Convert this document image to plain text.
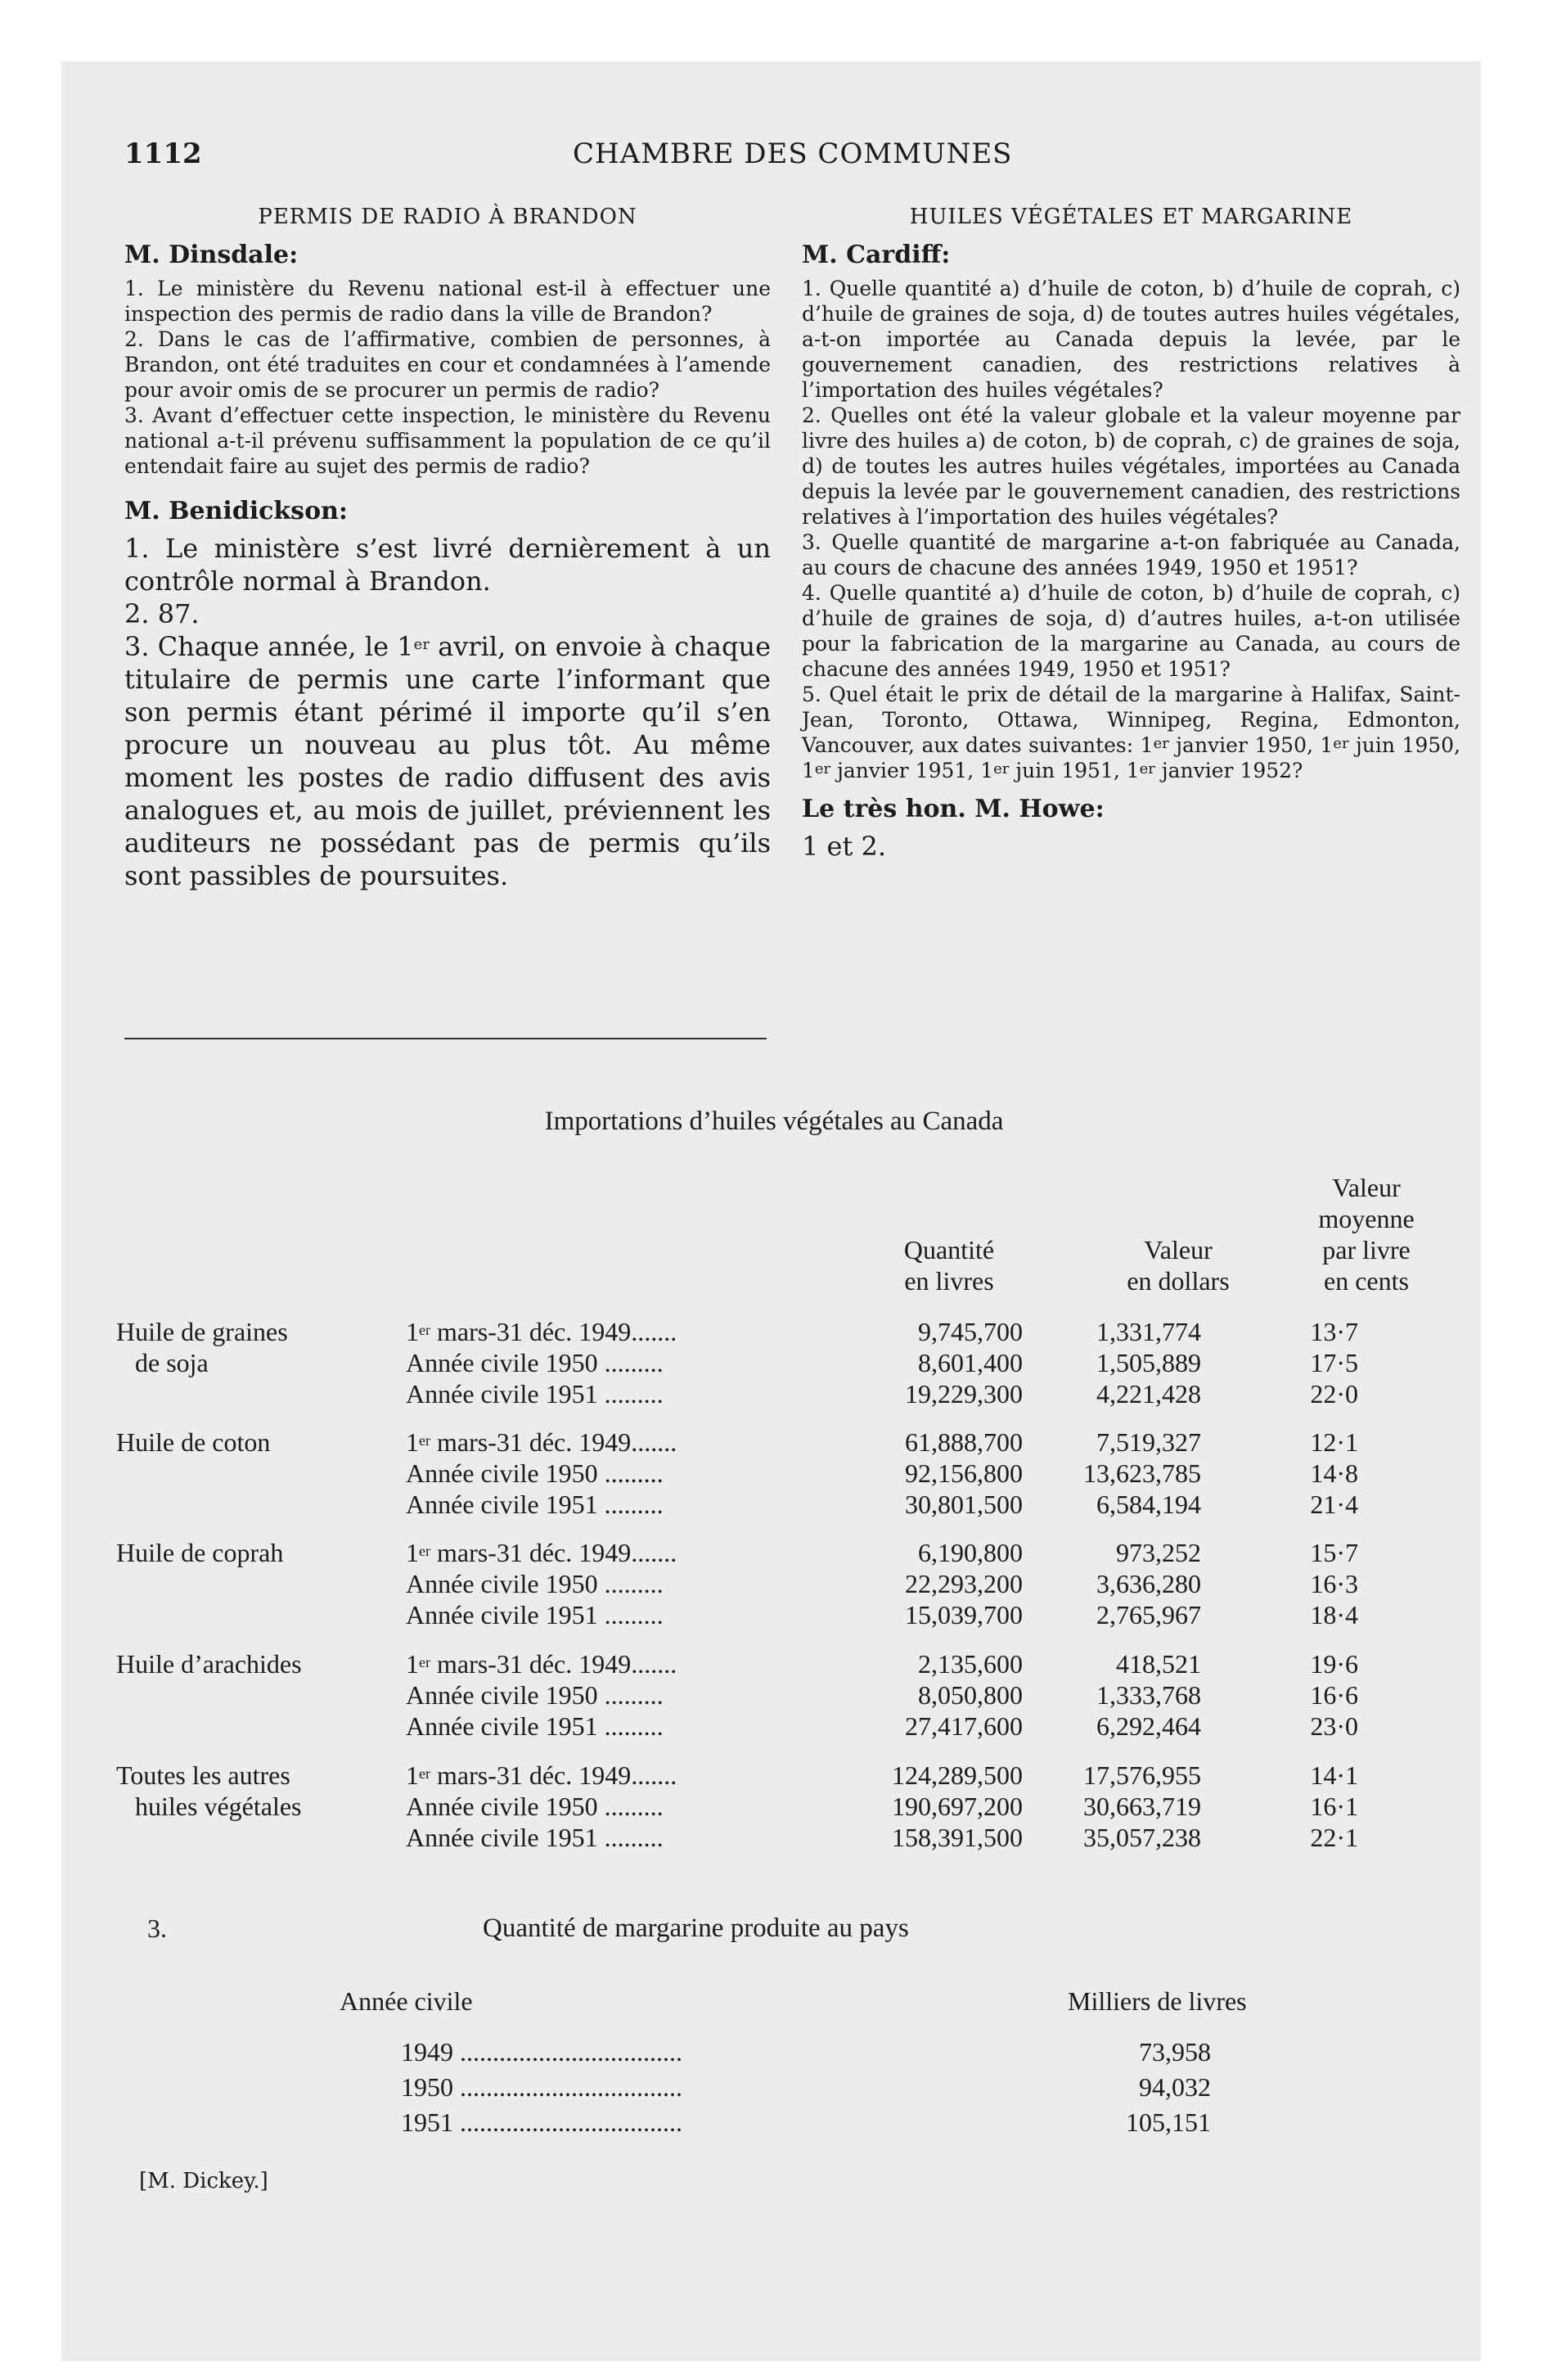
1112	CHAMBRE DES COMMUNES
PERMIS DE RADIO À BRANDON
M. Dinsdale:

1. Le ministère du Revenu national est-il à effectuer une inspection des permis de radio dans la ville de Brandon?

2. Dans le cas de l’affirmative, combien de personnes, à Brandon, ont été traduites en cour et condamnées à l’amende pour avoir omis de se procurer un permis de radio?

3. Avant d’effectuer cette inspection, le ministère du Revenu national a-t-il prévenu suffisamment la population de ce qu’il entendait faire au sujet des permis de radio?

M. Benidickson:

1. Le ministère s’est livré dernièrement à un contrôle normal à Brandon.

2. 87.

3. Chaque année, le 1er avril, on envoie à chaque titulaire de permis une carte l’informant que son permis étant périmé il importe qu’il s’en procure un nouveau au plus tôt. Au même moment les postes de radio diffusent des avis analogues et, au mois de juillet, préviennent les auditeurs ne possédant pas de permis qu’ils sont passibles de poursuites.

HUILES VÉGÉTALES ET MARGARINE
M. Cardiff:

1. Quelle quantité a) d’huile de coton, b) d’huile de coprah, c) d’huile de graines de soja, d) de toutes autres huiles végétales, a-t-on importée au Canada depuis la levée, par le gouvernement canadien, des restrictions relatives à l’importation des huiles végétales?

2. Quelles ont été la valeur globale et la valeur moyenne par livre des huiles a) de coton, b) de coprah, c) de graines de soja, d) de toutes les autres huiles végétales, importées au Canada depuis la levée par le gouvernement canadien, des restrictions relatives à l’importation des huiles végétales?

3. Quelle quantité de margarine a-t-on fabriquée au Canada, au cours de chacune des années 1949, 1950 et 1951?

4. Quelle quantité a) d’huile de coton, b) d’huile de coprah, c) d’huile de graines de soja, d) d’autres huiles, a-t-on utilisée pour la fabrication de la margarine au Canada, au cours de chacune des années 1949, 1950 et 1951?

5. Quel était le prix de détail de la margarine à Halifax, Saint-Jean, Toronto, Ottawa, Winnipeg, Regina, Edmonton, Vancouver, aux dates suivantes: 1er janvier 1950, 1er juin 1950, 1er janvier 1951, 1er juin 1951, 1er janvier 1952?

Le très hon. M. Howe:

1 et 2.

Importations d’huiles végétales au Canada
Quantité
en livres
Valeur
en dollars
Valeur
moyenne
par livre
en cents
Huile de graines
de soja
1er mars-31 déc. 1949.......	9,745,700	1,331,774	13·7
Année civile 1950 .........	8,601,400	1,505,889	17·5
Année civile 1951 .........	19,229,300	4,221,428	22·0
Huile de coton	1er mars-31 déc. 1949.......	61,888,700	7,519,327	12·1
Année civile 1950 .........	92,156,800	13,623,785	14·8
Année civile 1951 .........	30,801,500	6,584,194	21·4
Huile de coprah	1er mars-31 déc. 1949.......	6,190,800	973,252	15·7
Année civile 1950 .........	22,293,200	3,636,280	16·3
Année civile 1951 .........	15,039,700	2,765,967	18·4
Huile d’arachides	1er mars-31 déc. 1949.......	2,135,600	418,521	19·6
Année civile 1950 .........	8,050,800	1,333,768	16·6
Année civile 1951 .........	27,417,600	6,292,464	23·0
Toutes les autres
huiles végétales
1er mars-31 déc. 1949.......	124,289,500	17,576,955	14·1
Année civile 1950 .........	190,697,200	30,663,719	16·1
Année civile 1951 .........	158,391,500	35,057,238	22·1
3.	Quantité de margarine produite au pays
Année civile	Milliers de livres
1949 ..................................	73,958
1950 ..................................	94,032
1951 ..................................	105,151
[M. Dickey.]
